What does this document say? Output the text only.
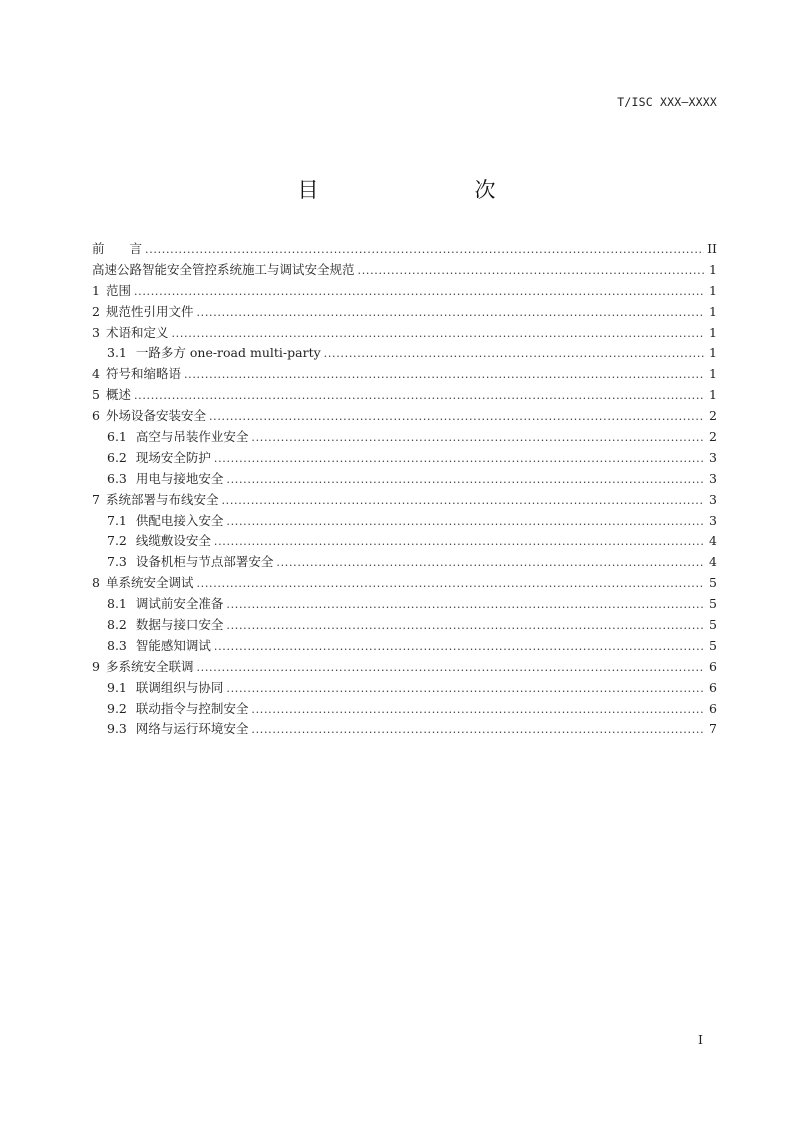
T/ISC XXX—XXXX
目　　次
前　　言 . . .	II
高速公路智能安全管控系统施工与调试安全规范 . . .	1
1 范围 . . .	1
2 规范性引用文件 . . .	1
3 术语和定义 . . .	1
3.1 一路多方 one-road multi-party . . .	1
4 符号和缩略语 . . .	1
5 概述 . . .	1
6 外场设备安装安全 . . .	2
6.1 高空与吊装作业安全 . . .	2
6.2 现场安全防护 . . .	3
6.3 用电与接地安全 . . .	3
7 系统部署与布线安全 . . .	3
7.1 供配电接入安全 . . .	3
7.2 线缆敷设安全 . . .	4
7.3 设备机柜与节点部署安全 . . .	4
8 单系统安全调试 . . .	5
8.1 调试前安全准备 . . .	5
8.2 数据与接口安全 . . .	5
8.3 智能感知调试 . . .	5
9 多系统安全联调 . . .	6
9.1 联调组织与协同 . . .	6
9.2 联动指令与控制安全 . . .	6
9.3 网络与运行环境安全 . . .	7
I
